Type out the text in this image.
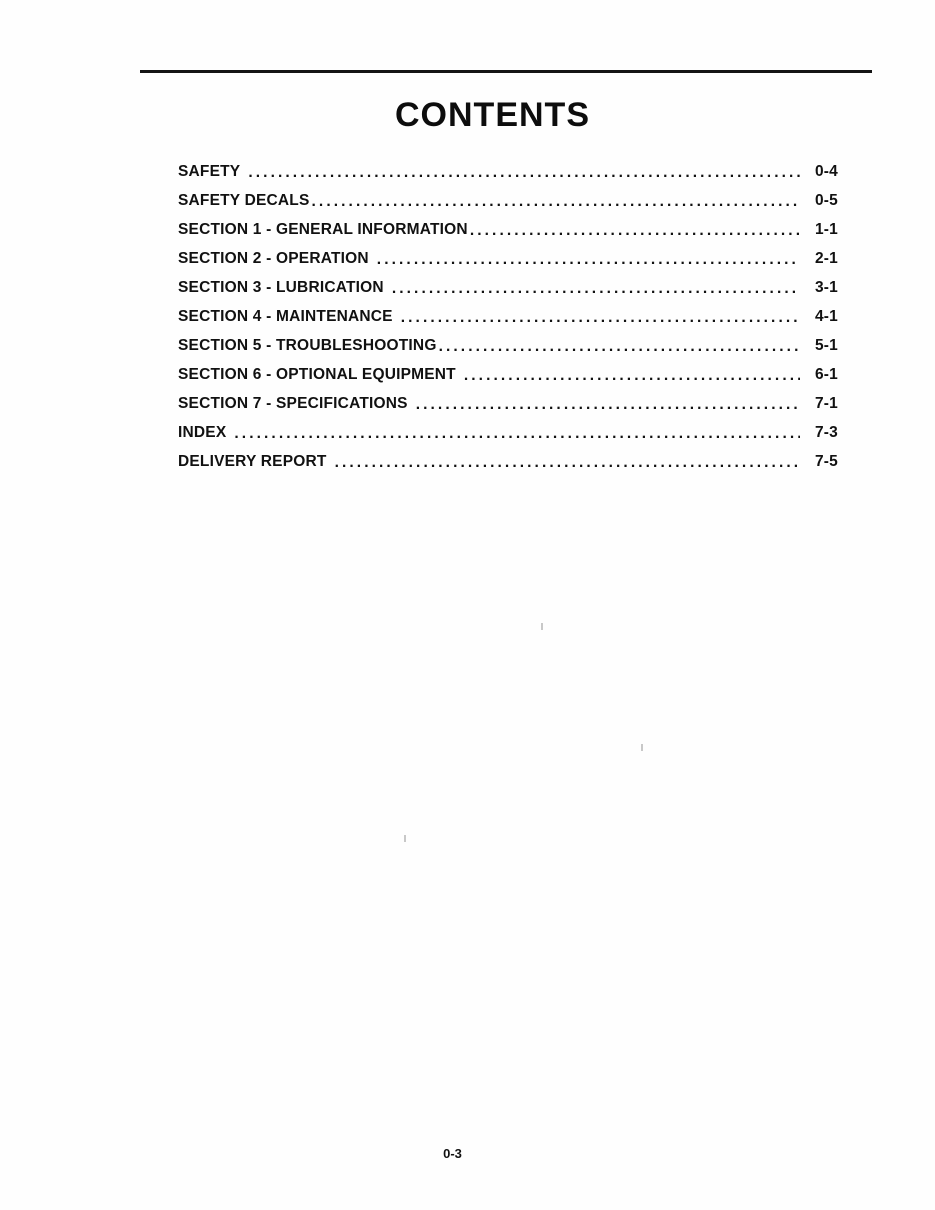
CONTENTS
SAFETY .....	0-4
SAFETY DECALS .....	0-5
SECTION 1 - GENERAL INFORMATION .....	1-1
SECTION 2 - OPERATION .....	2-1
SECTION 3 - LUBRICATION .....	3-1
SECTION 4 - MAINTENANCE .....	4-1
SECTION 5 - TROUBLESHOOTING .....	5-1
SECTION 6 - OPTIONAL EQUIPMENT .....	6-1
SECTION 7 - SPECIFICATIONS .....	7-1
INDEX .....	7-3
DELIVERY REPORT .....	7-5
0-3
